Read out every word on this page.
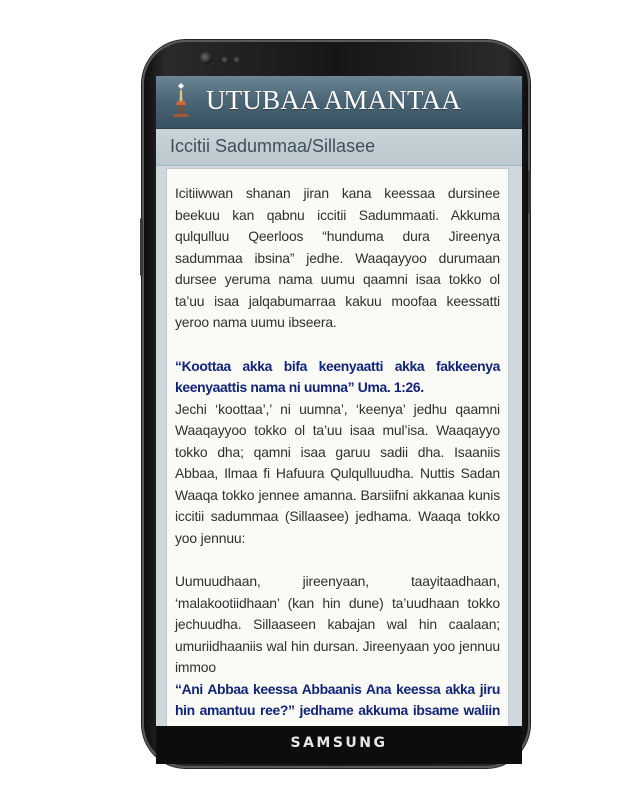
UTUBAA AMANTAA
Iccitii Sadummaa/Sillasee

Icitiiwwan shanan jiran kana keessaa dursinee beekuu kan qabnu iccitii Sadummaati. Akkuma qulqulluu Qeerloos “hunduma dura Jireenya sadummaa ibsina” jedhe. Waaqayyoo durumaan dursee yeruma nama uumu qaamni isaa tokko ol ta’uu isaa jalqabumarraa kakuu moofaa keessatti yeroo nama uumu ibseera.

“Koottaa akka bifa keenyaatti akka fakkeenya keenyaattis nama ni uumna” Uma. 1:26.

Jechi ‘koottaa’,’ ni uumna’, ‘keenya’ jedhu qaamni Waaqayyoo tokko ol ta’uu isaa mul’isa. Waaqayyo tokko dha; qamni isaa garuu sadii dha. Isaaniis Abbaa, Ilmaa fi Hafuura Qulqulluudha. Nuttis Sadan Waaqa tokko jennee amanna. Barsiifni akkanaa kunis iccitii sadummaa (Sillaasee) jedhama. Waaqa tokko yoo jennuu:

Uumuudhaan, jireenyaan, taayitaadhaan, ‘malakootiidhaan’ (kan hin dune) ta’uudhaan tokko jechuudha. Sillaaseen kabajan wal hin caalaan; umuriidhaaniis wal hin dursan. Jireenyaan yoo jennuu immoo

“Ani Abbaa keessa Abbaanis Ana keessa akka jiru hin amantuu ree?” jedhame akkuma ibsame waliin

SAMSUNG
